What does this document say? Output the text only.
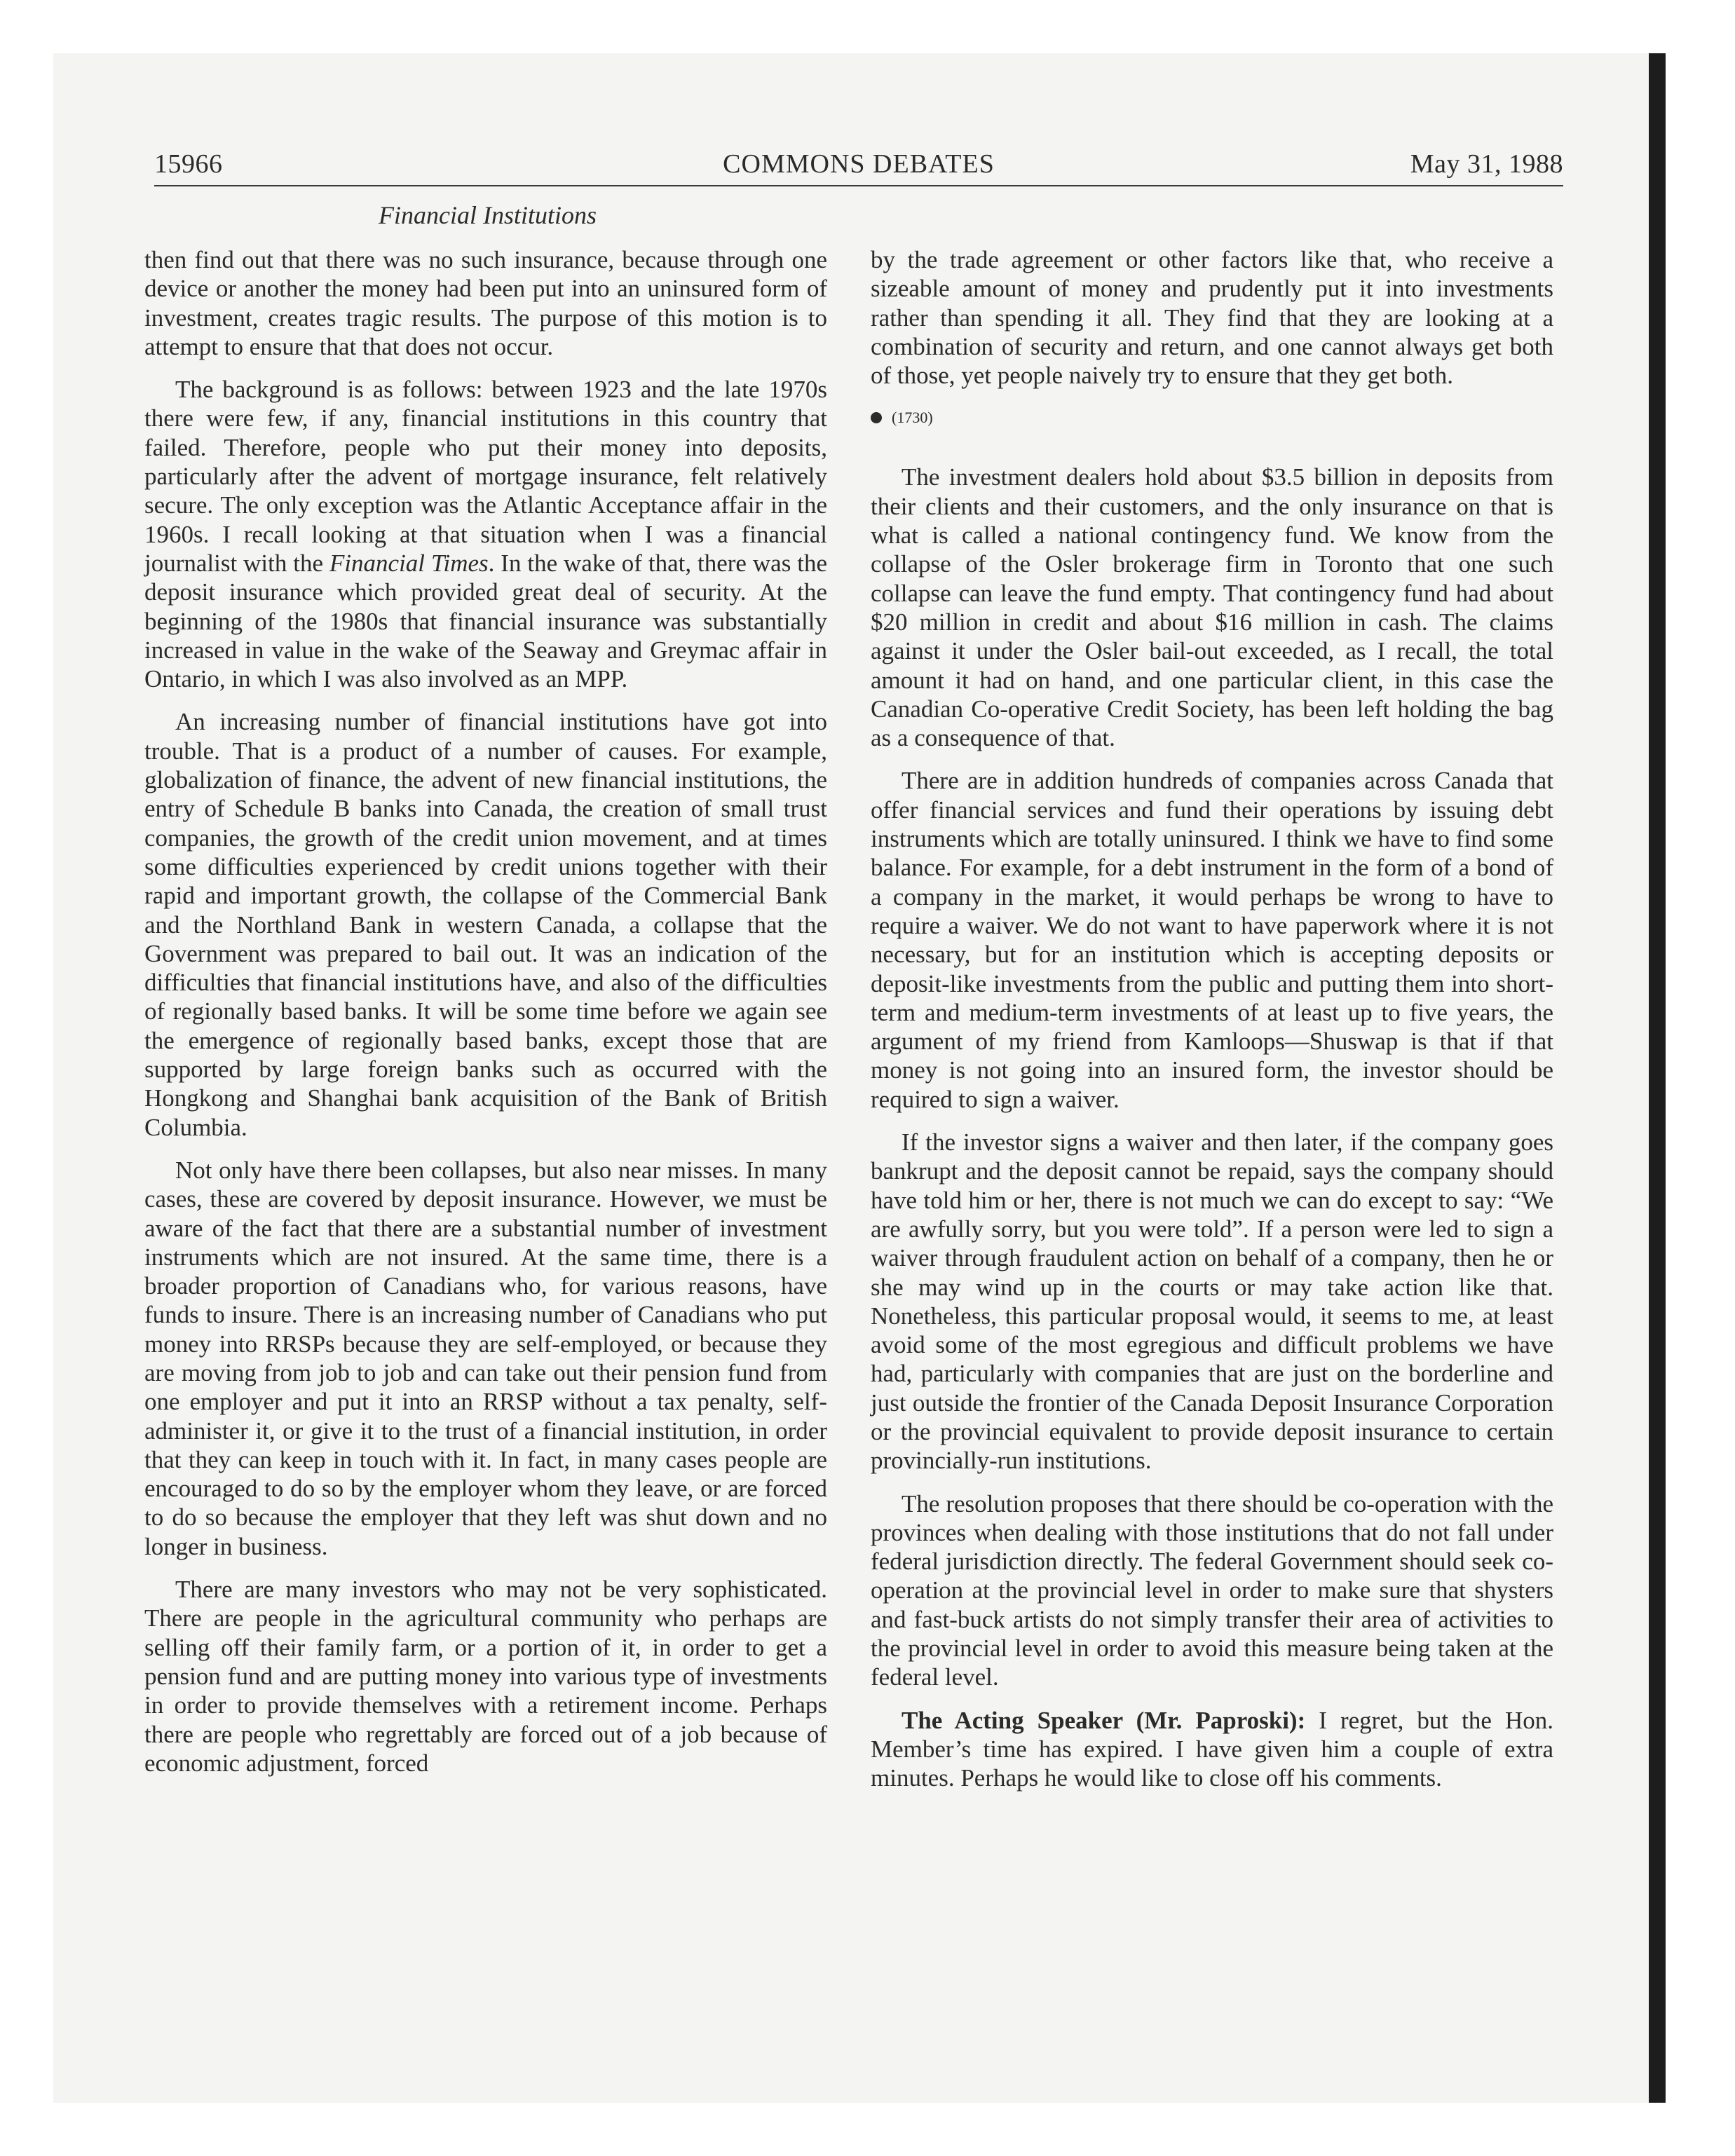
15966	COMMONS DEBATES	May 31, 1988
Financial Institutions

then find out that there was no such insurance, because through one device or another the money had been put into an uninsured form of investment, creates tragic results. The purpose of this motion is to attempt to ensure that that does not occur.

The background is as follows: between 1923 and the late 1970s there were few, if any, financial institutions in this country that failed. Therefore, people who put their money into deposits, particularly after the advent of mortgage insurance, felt relatively secure. The only exception was the Atlantic Acceptance affair in the 1960s. I recall looking at that situation when I was a financial journalist with the Financial Times. In the wake of that, there was the deposit insurance which provided great deal of security. At the beginning of the 1980s that financial insurance was substantially increased in value in the wake of the Seaway and Greymac affair in Ontario, in which I was also involved as an MPP.

An increasing number of financial institutions have got into trouble. That is a product of a number of causes. For example, globalization of finance, the advent of new financial institutions, the entry of Schedule B banks into Canada, the creation of small trust companies, the growth of the credit union movement, and at times some difficulties experienced by credit unions together with their rapid and important growth, the collapse of the Commercial Bank and the Northland Bank in western Canada, a collapse that the Government was prepared to bail out. It was an indication of the difficulties that financial institutions have, and also of the difficulties of regionally based banks. It will be some time before we again see the emergence of regionally based banks, except those that are supported by large foreign banks such as occurred with the Hongkong and Shanghai bank acquisition of the Bank of British Columbia.

Not only have there been collapses, but also near misses. In many cases, these are covered by deposit insurance. However, we must be aware of the fact that there are a substantial number of investment instruments which are not insured. At the same time, there is a broader proportion of Canadians who, for various reasons, have funds to insure. There is an increasing number of Canadians who put money into RRSPs because they are self-employed, or because they are moving from job to job and can take out their pension fund from one employer and put it into an RRSP without a tax penalty, self-administer it, or give it to the trust of a financial institution, in order that they can keep in touch with it. In fact, in many cases people are encouraged to do so by the employer whom they leave, or are forced to do so because the employer that they left was shut down and no longer in business.

There are many investors who may not be very sophisticated. There are people in the agricultural community who perhaps are selling off their family farm, or a portion of it, in order to get a pension fund and are putting money into various type of investments in order to provide themselves with a retirement income. Perhaps there are people who regrettably are forced out of a job because of economic adjustment, forced

by the trade agreement or other factors like that, who receive a sizeable amount of money and prudently put it into investments rather than spending it all. They find that they are looking at a combination of security and return, and one cannot always get both of those, yet people naively try to ensure that they get both.

(1730)

The investment dealers hold about $3.5 billion in deposits from their clients and their customers, and the only insurance on that is what is called a national contingency fund. We know from the collapse of the Osler brokerage firm in Toronto that one such collapse can leave the fund empty. That contingency fund had about $20 million in credit and about $16 million in cash. The claims against it under the Osler bail-out exceeded, as I recall, the total amount it had on hand, and one particular client, in this case the Canadian Co-operative Credit Society, has been left holding the bag as a consequence of that.

There are in addition hundreds of companies across Canada that offer financial services and fund their operations by issuing debt instruments which are totally uninsured. I think we have to find some balance. For example, for a debt instrument in the form of a bond of a company in the market, it would perhaps be wrong to have to require a waiver. We do not want to have paperwork where it is not necessary, but for an institution which is accepting deposits or deposit-like investments from the public and putting them into short-term and medium-term investments of at least up to five years, the argument of my friend from Kamloops—Shuswap is that if that money is not going into an insured form, the investor should be required to sign a waiver.

If the investor signs a waiver and then later, if the company goes bankrupt and the deposit cannot be repaid, says the company should have told him or her, there is not much we can do except to say: “We are awfully sorry, but you were told”. If a person were led to sign a waiver through fraudulent action on behalf of a company, then he or she may wind up in the courts or may take action like that. Nonetheless, this particular proposal would, it seems to me, at least avoid some of the most egregious and difficult problems we have had, particularly with companies that are just on the borderline and just outside the frontier of the Canada Deposit Insurance Corporation or the provincial equivalent to provide deposit insurance to certain provincially-run institutions.

The resolution proposes that there should be co-operation with the provinces when dealing with those institutions that do not fall under federal jurisdiction directly. The federal Government should seek co-operation at the provincial level in order to make sure that shysters and fast-buck artists do not simply transfer their area of activities to the provincial level in order to avoid this measure being taken at the federal level.

The Acting Speaker (Mr. Paproski): I regret, but the Hon. Member’s time has expired. I have given him a couple of extra minutes. Perhaps he would like to close off his comments.
